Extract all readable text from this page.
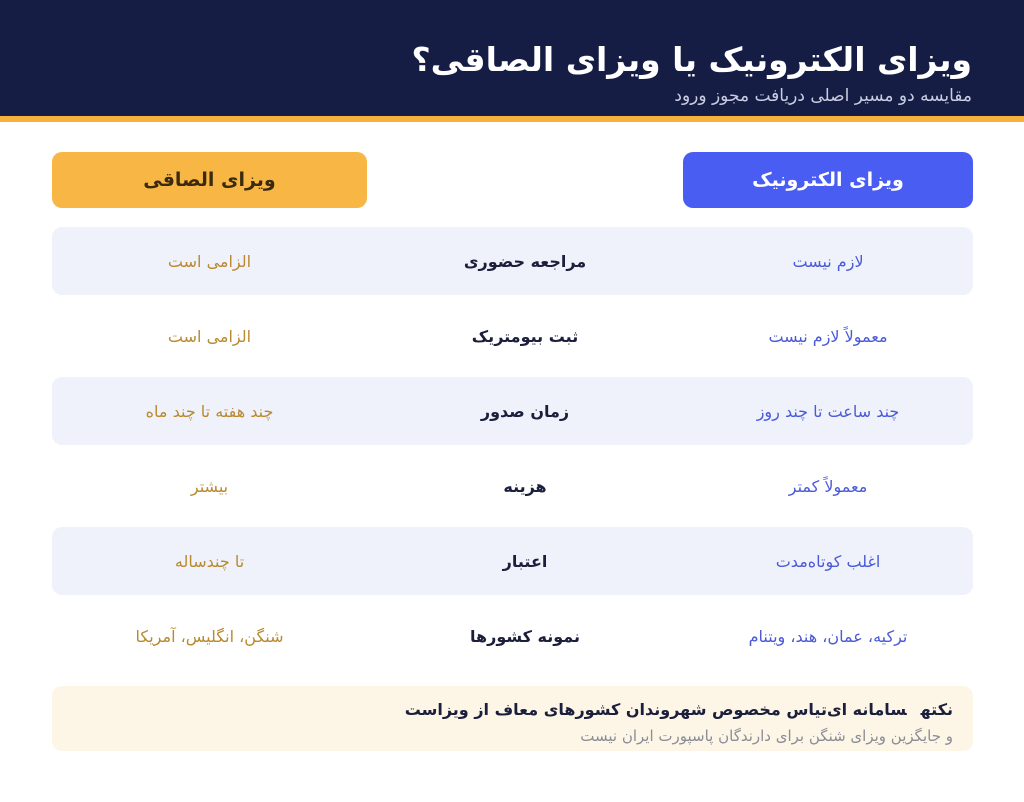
ویزای الکترونیک یا ویزای الصاقی؟
مقایسه دو مسیر اصلی دریافت مجوز ورود
ویزای الکترونیک
ویزای الصاقی
لازم نیست
مراجعه حضوری
الزامی است
معمولاً لازم نیست
ثبت بیومتریک
الزامی است
چند ساعت تا چند روز
زمان صدور
چند هفته تا چند ماه
معمولاً کمتر
هزینه
بیشتر
اغلب کوتاه‌مدت
اعتبار
تا چندساله
ترکیه، عمان، هند، ویتنام
نمونه کشورها
شنگن، انگلیس، آمریکا
نکتهسامانه ای‌تیاس مخصوص شهروندان کشورهای معاف از ویزاست
و جایگزین ویزای شنگن برای دارندگان پاسپورت ایران نیست
